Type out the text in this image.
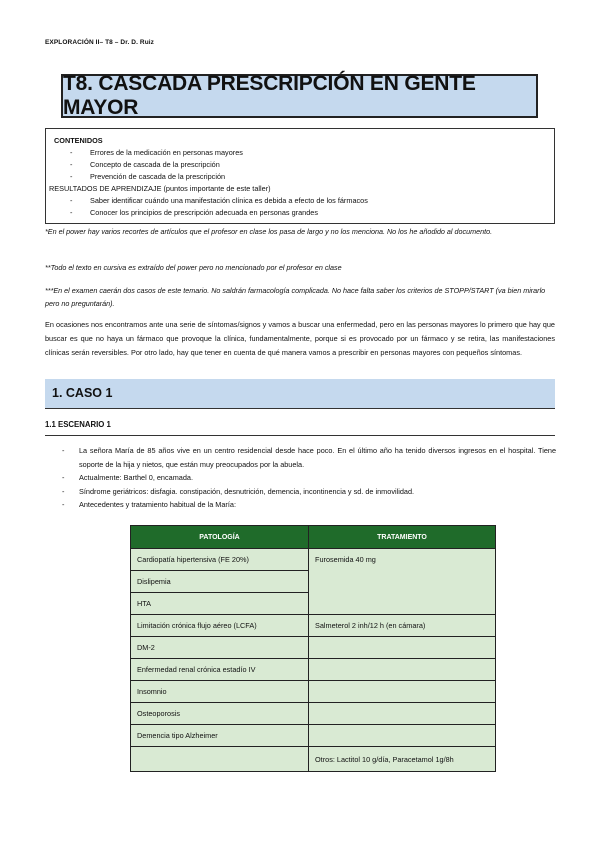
EXPLORACIÓN II– T8 – Dr. D. Ruiz
T8. CASCADA PRESCRIPCIÓN EN GENTE MAYOR
CONTENIDOS
- Errores de la medicación en personas mayores
- Concepto de cascada de la prescripción
- Prevención de cascada de la prescripción
RESULTADOS DE APRENDIZAJE (puntos importante de este taller)
- Saber identificar cuándo una manifestación clínica es debida a efecto de los fármacos
- Conocer los principios de prescripción adecuada en personas grandes
*En el power hay varios recortes de artículos que el profesor en clase los pasa de largo y no los menciona. No los he añodido al documento.
**Todo el texto en cursiva es extraído del power pero no mencionado por el profesor en clase
***En el examen caerán dos casos de este temario. No saldrán farmacología complicada. No hace falta saber los criterios de STOPP/START (va bien mirarlo pero no preguntarán).
En ocasiones nos encontramos ante una serie de síntomas/signos y vamos a buscar una enfermedad, pero en las personas mayores lo primero que hay que buscar es que no haya un fármaco que provoque la clínica, fundamentalmente, porque si es provocado por un fármaco y se retira, las manifestaciones clínicas serán reversibles. Por otro lado, hay que tener en cuenta de qué manera vamos a prescribir en personas mayores con pequeños síntomas.
1. CASO 1
1.1 ESCENARIO 1
-	La señora María de 85 años vive en un centro residencial desde hace poco. En el último año ha tenido diversos ingresos en el hospital. Tiene soporte de la hija y nietos, que están muy preocupados por la abuela.
-	Actualmente: Barthel 0, encamada.
-	Síndrome geriátricos: disfagia. constipación, desnutrición, demencia, incontinencia y sd. de inmovilidad.
-	Antecedentes y tratamiento habitual de la María:
PATOLOGÍA	TRATAMIENTO
Cardiopatía hipertensiva (FE 20%)	Furosemida 40 mg
Dislipemia	
HTA	
Limitación crónica flujo aéreo (LCFA)	Salmeterol 2 inh/12 h (en cámara)
DM-2	
Enfermedad renal crónica estadío IV	
Insomnio	
Osteoporosis	
Demencia tipo Alzheimer	
	Otros: Lactitol 10 g/día, Paracetamol 1g/8h
